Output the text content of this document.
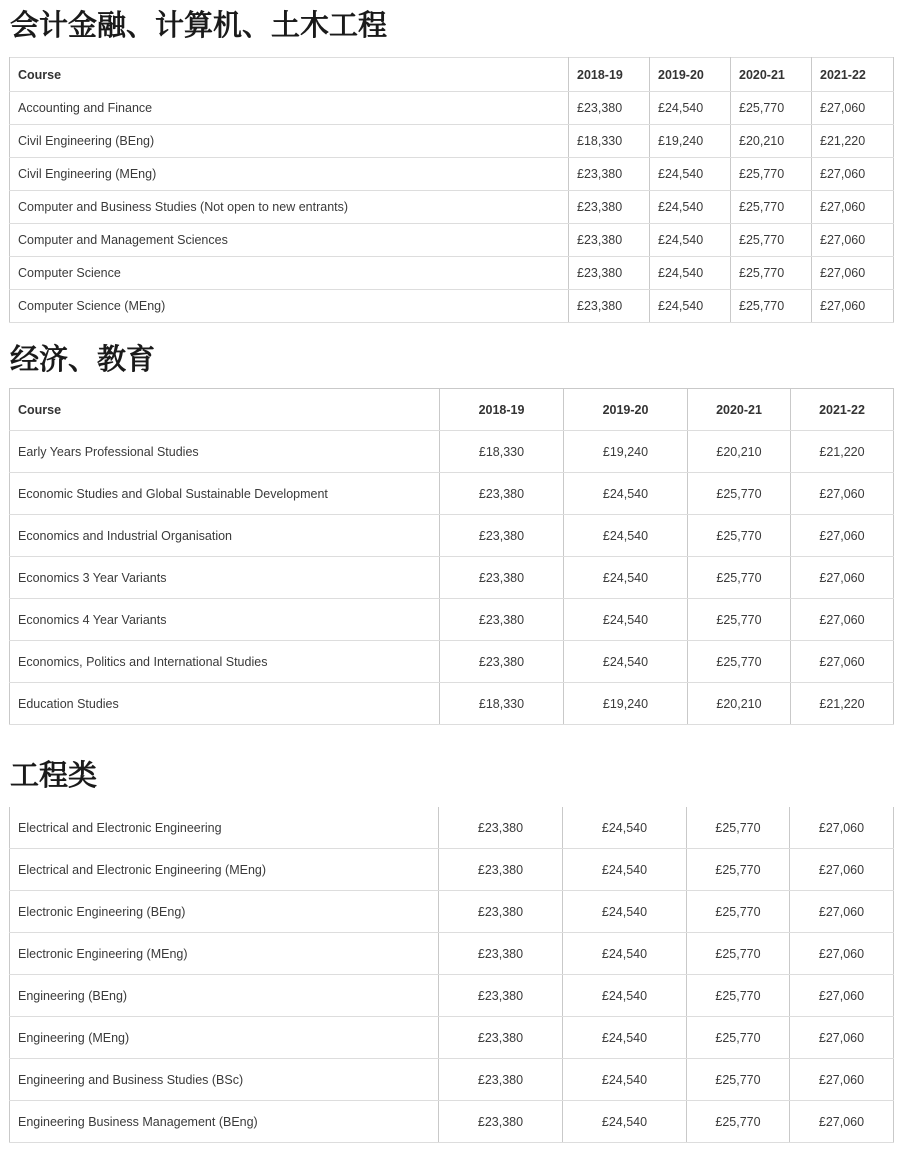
会计金融、计算机、土木工程
Course	2018-19	2019-20	2020-21	2021-22
Accounting and Finance	£23,380	£24,540	£25,770	£27,060
Civil Engineering (BEng)	£18,330	£19,240	£20,210	£21,220
Civil Engineering (MEng)	£23,380	£24,540	£25,770	£27,060
Computer and Business Studies (Not open to new entrants)	£23,380	£24,540	£25,770	£27,060
Computer and Management Sciences	£23,380	£24,540	£25,770	£27,060
Computer Science	£23,380	£24,540	£25,770	£27,060
Computer Science (MEng)	£23,380	£24,540	£25,770	£27,060
经济、教育
Course	2018-19	2019-20	2020-21	2021-22
Early Years Professional Studies	£18,330	£19,240	£20,210	£21,220
Economic Studies and Global Sustainable Development	£23,380	£24,540	£25,770	£27,060
Economics and Industrial Organisation	£23,380	£24,540	£25,770	£27,060
Economics 3 Year Variants	£23,380	£24,540	£25,770	£27,060
Economics 4 Year Variants	£23,380	£24,540	£25,770	£27,060
Economics, Politics and International Studies	£23,380	£24,540	£25,770	£27,060
Education Studies	£18,330	£19,240	£20,210	£21,220
工程类
Electrical and Electronic Engineering	£23,380	£24,540	£25,770	£27,060
Electrical and Electronic Engineering (MEng)	£23,380	£24,540	£25,770	£27,060
Electronic Engineering (BEng)	£23,380	£24,540	£25,770	£27,060
Electronic Engineering (MEng)	£23,380	£24,540	£25,770	£27,060
Engineering (BEng)	£23,380	£24,540	£25,770	£27,060
Engineering (MEng)	£23,380	£24,540	£25,770	£27,060
Engineering and Business Studies (BSc)	£23,380	£24,540	£25,770	£27,060
Engineering Business Management (BEng)	£23,380	£24,540	£25,770	£27,060
